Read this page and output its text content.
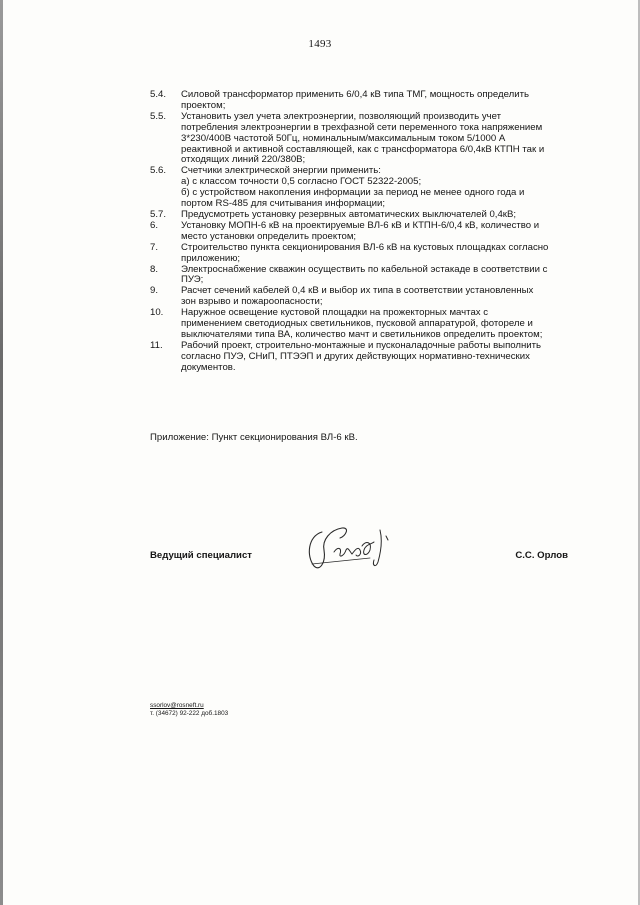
1493
5.4.	Силовой трансформатор применить 6/0,4 кВ типа ТМГ, мощность определить
проектом;
5.5.	Установить узел учета электроэнергии, позволяющий производить учет
потребления электроэнергии в трехфазной сети переменного тока напряжением
3*230/400В частотой 50Гц, номинальным/максимальным током 5/1000 А
реактивной и активной составляющей, как с трансформатора 6/0,4кВ КТПН так и
отходящих линий 220/380В;
5.6.	Счетчики электрической энергии применить:
а) с классом точности 0,5 согласно ГОСТ 52322-2005;
б) с устройством накопления информации за период не менее одного года и
портом RS-485 для считывания информации;
5.7.	Предусмотреть установку резервных автоматических выключателей 0,4кВ;
6.	Установку МОПН-6 кВ на проектируемые ВЛ-6 кВ и КТПН-6/0,4 кВ, количество и
место установки определить проектом;
7.	Строительство пункта секционирования ВЛ-6 кВ на кустовых площадках согласно
приложению;
8.	Электроснабжение скважин осуществить по кабельной эстакаде в соответствии с
ПУЭ;
9.	Расчет сечений кабелей 0,4 кВ и выбор их типа в соответствии установленных
зон взрыво и пожароопасности;
10.	Наружное освещение кустовой площадки на прожекторных мачтах с
применением светодиодных светильников, пусковой аппаратурой, фотореле и
выключателями типа ВА, количество мачт и светильников определить проектом;
11.	Рабочий проект, строительно-монтажные и пусконаладочные работы выполнить
согласно ПУЭ, СНиП, ПТЭЭП и других действующих нормативно-технических
документов.
Приложение: Пункт секционирования ВЛ-6 кВ.
Ведущий специалист	С.С. Орлов
ssorlov@rosneft.ru
т. (34672) 92-222 доб.1803
